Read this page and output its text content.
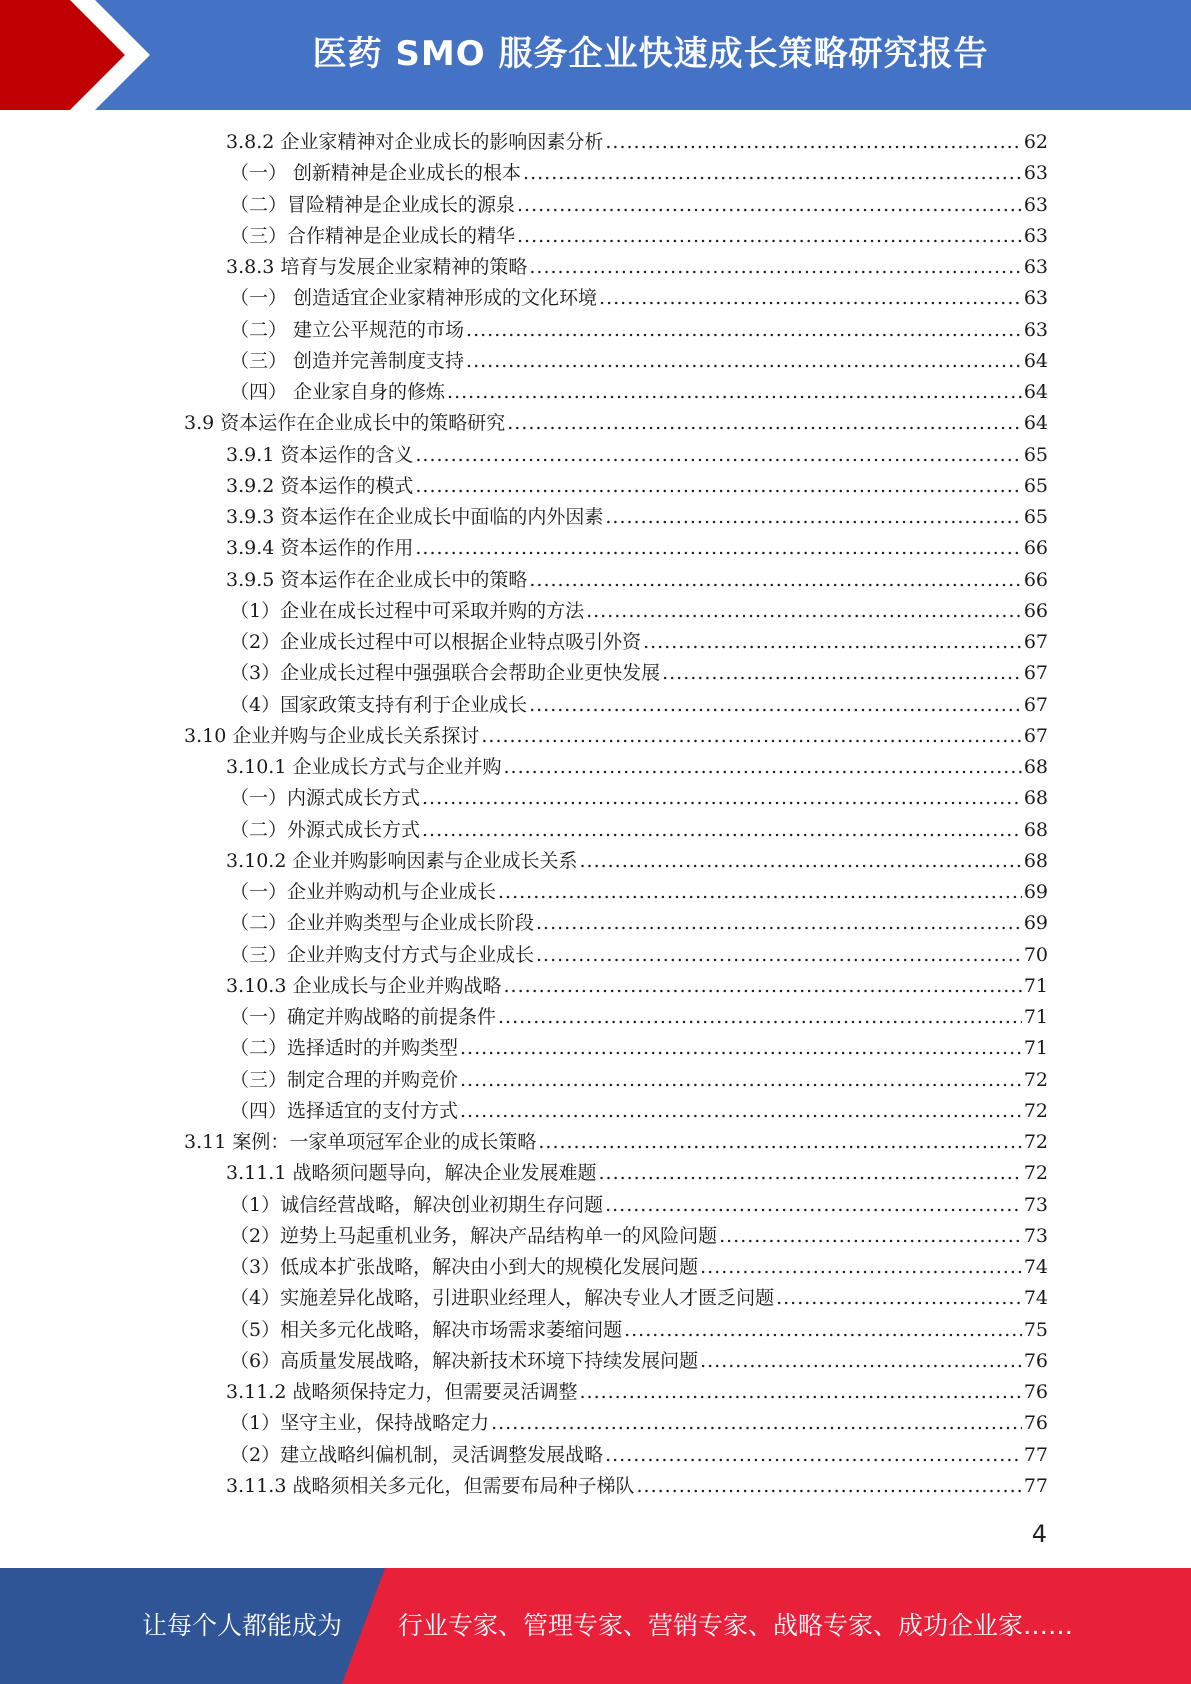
医药 SMO 服务企业快速成长策略研究报告
3.8.2 企业家精神对企业成长的影响因素分析 .....	62
（一） 创新精神是企业成长的根本 .....	63
（二）冒险精神是企业成长的源泉 .....	63
（三）合作精神是企业成长的精华 .....	63
3.8.3 培育与发展企业家精神的策略 .....	63
（一） 创造适宜企业家精神形成的文化环境 .....	63
（二） 建立公平规范的市场 .....	63
（三） 创造并完善制度支持 .....	64
（四） 企业家自身的修炼 .....	64
3.9 资本运作在企业成长中的策略研究 .....	64
3.9.1 资本运作的含义 .....	65
3.9.2 资本运作的模式 .....	65
3.9.3 资本运作在企业成长中面临的内外因素 .....	65
3.9.4 资本运作的作用 .....	66
3.9.5 资本运作在企业成长中的策略 .....	66
（1）企业在成长过程中可采取并购的方法 .....	66
（2）企业成长过程中可以根据企业特点吸引外资 .....	67
（3）企业成长过程中强强联合会帮助企业更快发展 .....	67
（4）国家政策支持有利于企业成长 .....	67
3.10 企业并购与企业成长关系探讨 .....	67
3.10.1 企业成长方式与企业并购 .....	68
（一）内源式成长方式 .....	68
（二）外源式成长方式 .....	68
3.10.2 企业并购影响因素与企业成长关系 .....	68
（一）企业并购动机与企业成长 .....	69
（二）企业并购类型与企业成长阶段 .....	69
（三）企业并购支付方式与企业成长 .....	70
3.10.3 企业成长与企业并购战略 .....	71
（一）确定并购战略的前提条件 .....	71
（二）选择适时的并购类型 .....	71
（三）制定合理的并购竞价 .....	72
（四）选择适宜的支付方式 .....	72
3.11 案例：一家单项冠军企业的成长策略 .....	72
3.11.1 战略须问题导向，解决企业发展难题 .....	72
（1）诚信经营战略，解决创业初期生存问题 .....	73
（2）逆势上马起重机业务，解决产品结构单一的风险问题 .....	73
（3）低成本扩张战略，解决由小到大的规模化发展问题 .....	74
（4）实施差异化战略，引进职业经理人，解决专业人才匮乏问题 .....	74
（5）相关多元化战略，解决市场需求萎缩问题 .....	75
（6）高质量发展战略，解决新技术环境下持续发展问题 .....	76
3.11.2 战略须保持定力，但需要灵活调整 .....	76
（1）坚守主业，保持战略定力 .....	76
（2）建立战略纠偏机制，灵活调整发展战略 .....	77
3.11.3 战略须相关多元化，但需要布局种子梯队 .....	77
4
让每个人都能成为 行业专家、管理专家、营销专家、战略专家、成功企业家……
